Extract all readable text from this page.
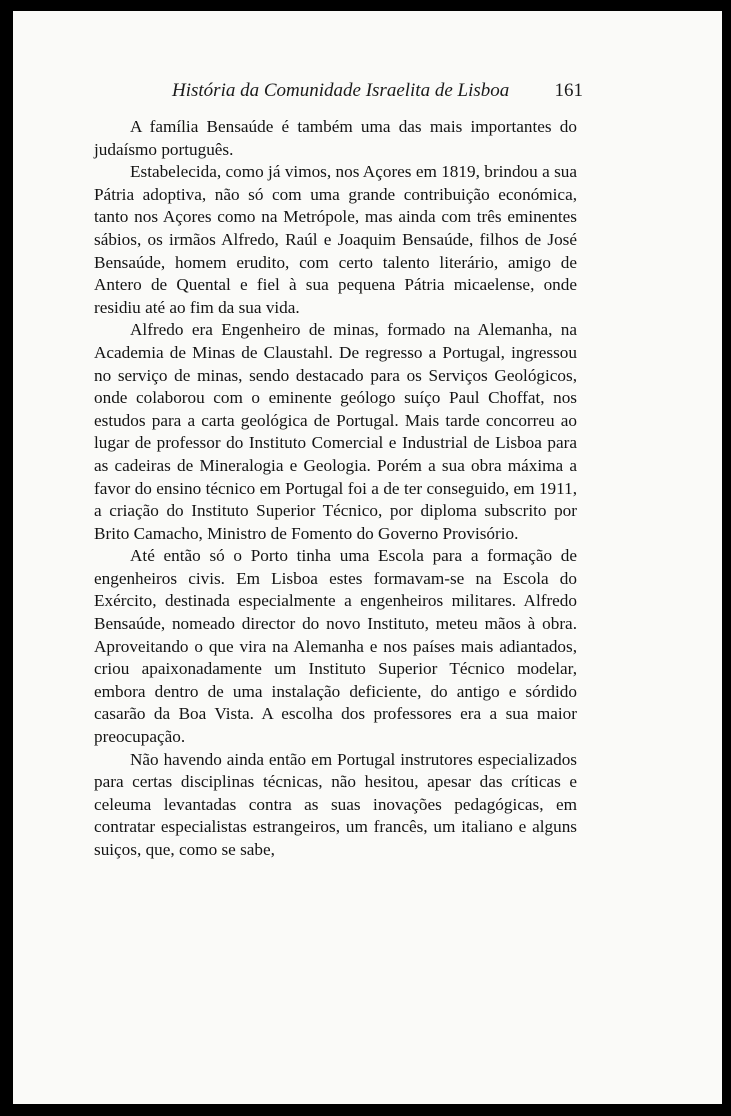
História da Comunidade Israelita de Lisboa 161

A família Bensaúde é também uma das mais importantes do judaísmo português.

Estabelecida, como já vimos, nos Açores em 1819, brindou a sua Pátria adoptiva, não só com uma grande contribuição económica, tanto nos Açores como na Metrópole, mas ainda com três eminentes sábios, os irmãos Alfredo, Raúl e Joaquim Bensaúde, filhos de José Bensaúde, homem erudito, com certo talento literário, amigo de Antero de Quental e fiel à sua pequena Pátria micaelense, onde residiu até ao fim da sua vida.

Alfredo era Engenheiro de minas, formado na Alemanha, na Academia de Minas de Claustahl. De regresso a Portugal, ingressou no serviço de minas, sendo destacado para os Serviços Geológicos, onde colaborou com o eminente geólogo suíço Paul Choffat, nos estudos para a carta geológica de Portugal. Mais tarde concorreu ao lugar de professor do Instituto Comercial e Industrial de Lisboa para as cadeiras de Mineralogia e Geologia. Porém a sua obra máxima a favor do ensino técnico em Portugal foi a de ter conseguido, em 1911, a criação do Instituto Superior Técnico, por diploma subscrito por Brito Camacho, Ministro de Fomento do Governo Provisório.

Até então só o Porto tinha uma Escola para a formação de engenheiros civis. Em Lisboa estes formavam-se na Escola do Exército, destinada especialmente a engenheiros militares. Alfredo Bensaúde, nomeado director do novo Instituto, meteu mãos à obra. Aproveitando o que vira na Alemanha e nos países mais adiantados, criou apaixonadamente um Instituto Superior Técnico modelar, embora dentro de uma instalação deficiente, do antigo e sórdido casarão da Boa Vista. A escolha dos professores era a sua maior preocupação.

Não havendo ainda então em Portugal instrutores especializados para certas disciplinas técnicas, não hesitou, apesar das críticas e celeuma levantadas contra as suas inovações pedagógicas, em contratar especialistas estrangeiros, um francês, um italiano e alguns suiços, que, como se sabe,
